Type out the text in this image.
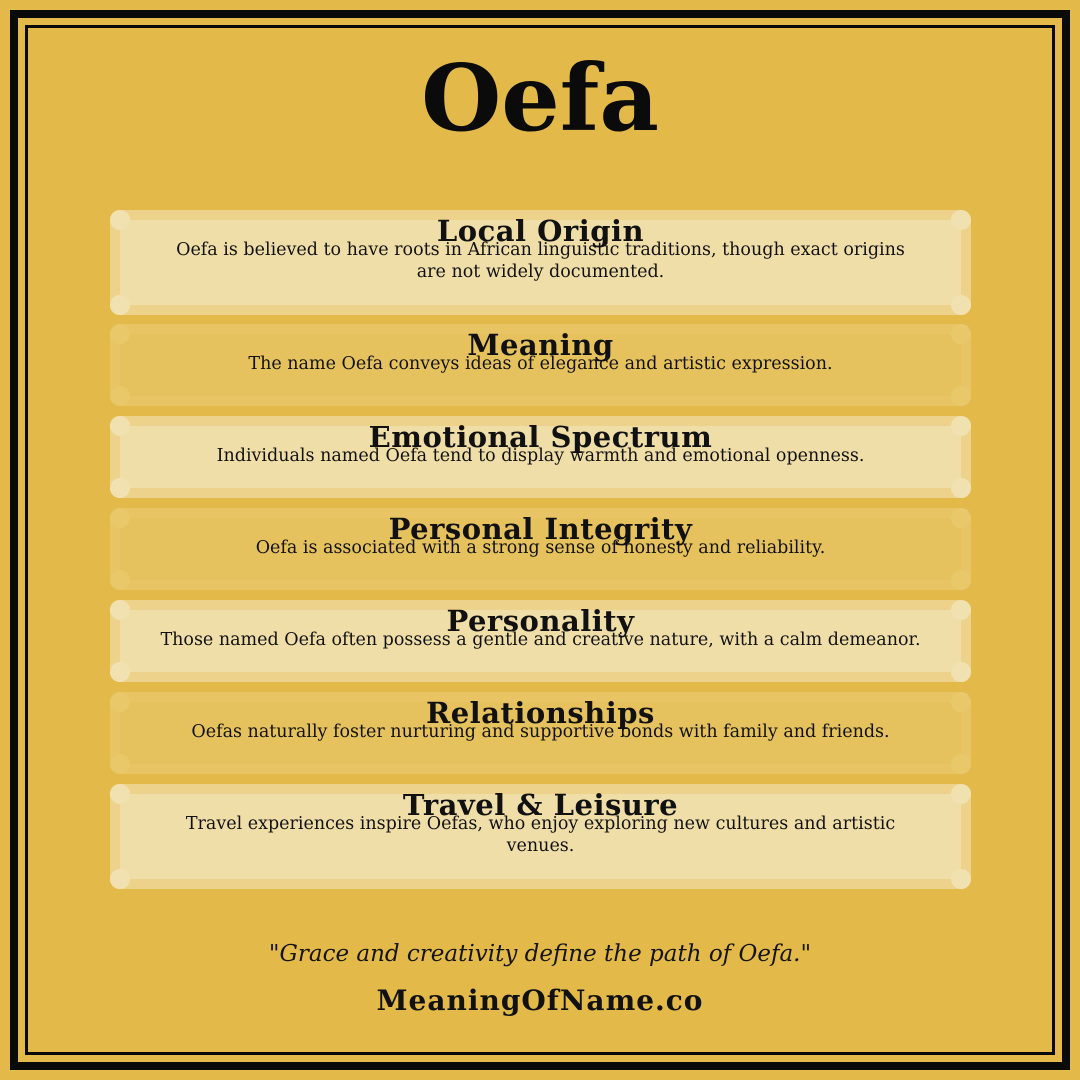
Oefa
Local Origin
Oefa is believed to have roots in African linguistic traditions, though exact origins are not widely documented.
Meaning
The name Oefa conveys ideas of elegance and artistic expression.
Emotional Spectrum
Individuals named Oefa tend to display warmth and emotional openness.
Personal Integrity
Oefa is associated with a strong sense of honesty and reliability.
Personality
Those named Oefa often possess a gentle and creative nature, with a calm demeanor.
Relationships
Oefas naturally foster nurturing and supportive bonds with family and friends.
Travel & Leisure
Travel experiences inspire Oefas, who enjoy exploring new cultures and artistic venues.
"Grace and creativity define the path of Oefa."
MeaningOfName.co
